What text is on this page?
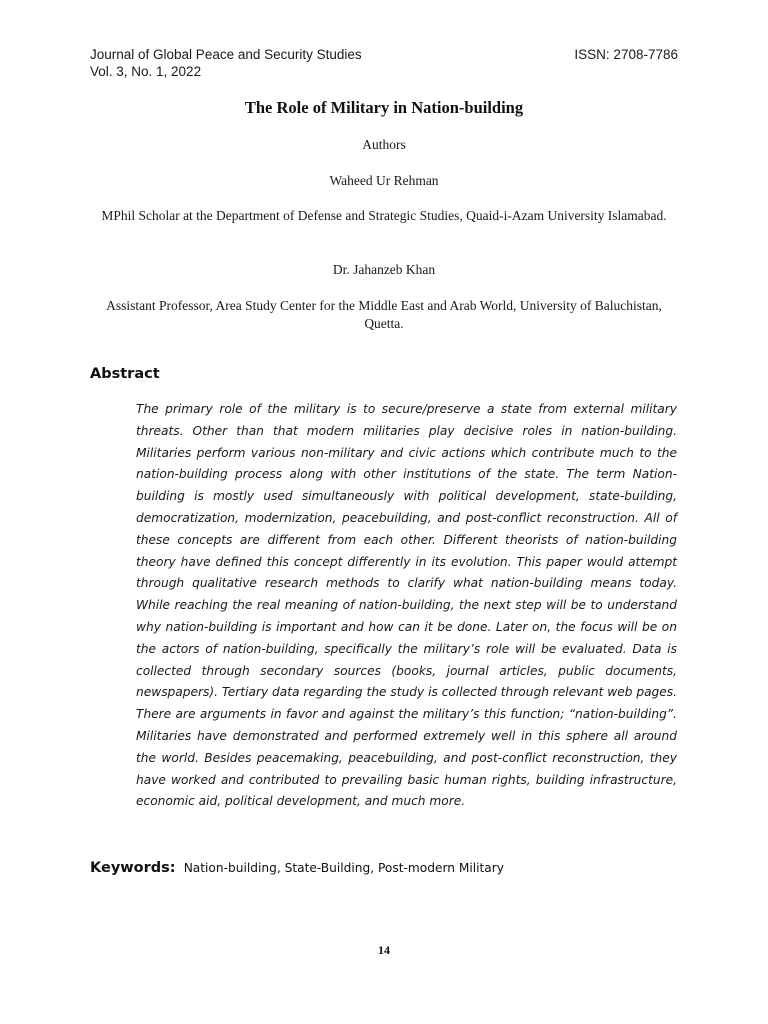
Journal of Global Peace and Security Studies
Vol. 3, No. 1, 2022
ISSN: 2708-7786
The Role of Military in Nation-building
Authors
Waheed Ur Rehman
MPhil Scholar at the Department of Defense and Strategic Studies, Quaid-i-Azam University Islamabad.
Dr. Jahanzeb Khan
Assistant Professor, Area Study Center for the Middle East and Arab World, University of Baluchistan, Quetta.
Abstract

The primary role of the military is to secure/preserve a state from external military threats. Other than that modern militaries play decisive roles in nation-building. Militaries perform various non-military and civic actions which contribute much to the nation-building process along with other institutions of the state. The term Nation-building is mostly used simultaneously with political development, state-building, democratization, modernization, peacebuilding, and post-conflict reconstruction. All of these concepts are different from each other. Different theorists of nation-building theory have defined this concept differently in its evolution. This paper would attempt through qualitative research methods to clarify what nation-building means today. While reaching the real meaning of nation-building, the next step will be to understand why nation-building is important and how can it be done. Later on, the focus will be on the actors of nation-building, specifically the military’s role will be evaluated. Data is collected through secondary sources (books, journal articles, public documents, newspapers). Tertiary data regarding the study is collected through relevant web pages. There are arguments in favor and against the military’s this function; “nation-building”. Militaries have demonstrated and performed extremely well in this sphere all around the world. Besides peacemaking, peacebuilding, and post-conflict reconstruction, they have worked and contributed to prevailing basic human rights, building infrastructure, economic aid, political development, and much more.

Keywords: Nation-building, State-Building, Post-modern Military
14
